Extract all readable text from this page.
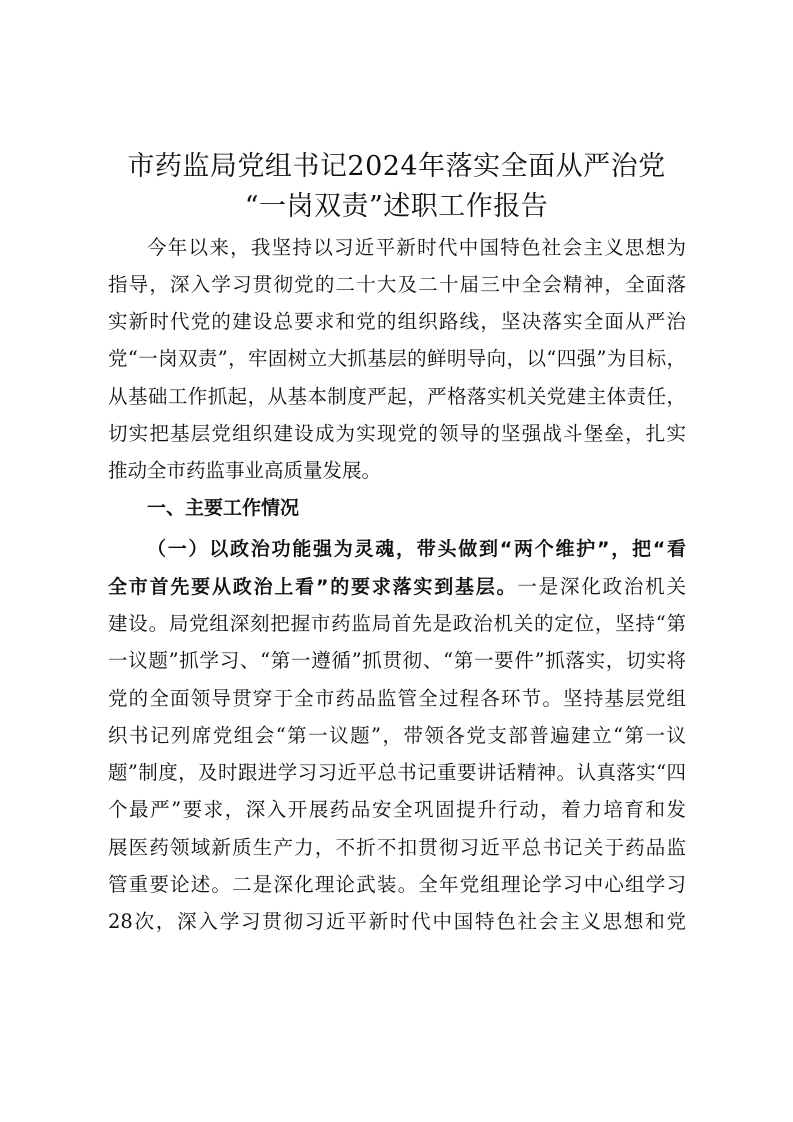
市药监局党组书记2024年落实全面从严治党
“一岗双责”述职工作报告
今年以来，我坚持以习近平新时代中国特色社会主义思想为
指导，深入学习贯彻党的二十大及二十届三中全会精神，全面落
实新时代党的建设总要求和党的组织路线，坚决落实全面从严治
党“一岗双责”，牢固树立大抓基层的鲜明导向，以“四强”为目标，
从基础工作抓起，从基本制度严起，严格落实机关党建主体责任，
切实把基层党组织建设成为实现党的领导的坚强战斗堡垒，扎实
推动全市药监事业高质量发展。
一、主要工作情况
（一）以政治功能强为灵魂，带头做到“两个维护”，把“看
全市首先要从政治上看”的要求落实到基层。一是深化政治机关
建设。局党组深刻把握市药监局首先是政治机关的定位，坚持“第
一议题”抓学习、“第一遵循”抓贯彻、“第一要件”抓落实，切实将
党的全面领导贯穿于全市药品监管全过程各环节。坚持基层党组
织书记列席党组会“第一议题”，带领各党支部普遍建立“第一议
题”制度，及时跟进学习习近平总书记重要讲话精神。认真落实“四
个最严”要求，深入开展药品安全巩固提升行动，着力培育和发
展医药领域新质生产力，不折不扣贯彻习近平总书记关于药品监
管重要论述。二是深化理论武装。全年党组理论学习中心组学习
28次，深入学习贯彻习近平新时代中国特色社会主义思想和党
